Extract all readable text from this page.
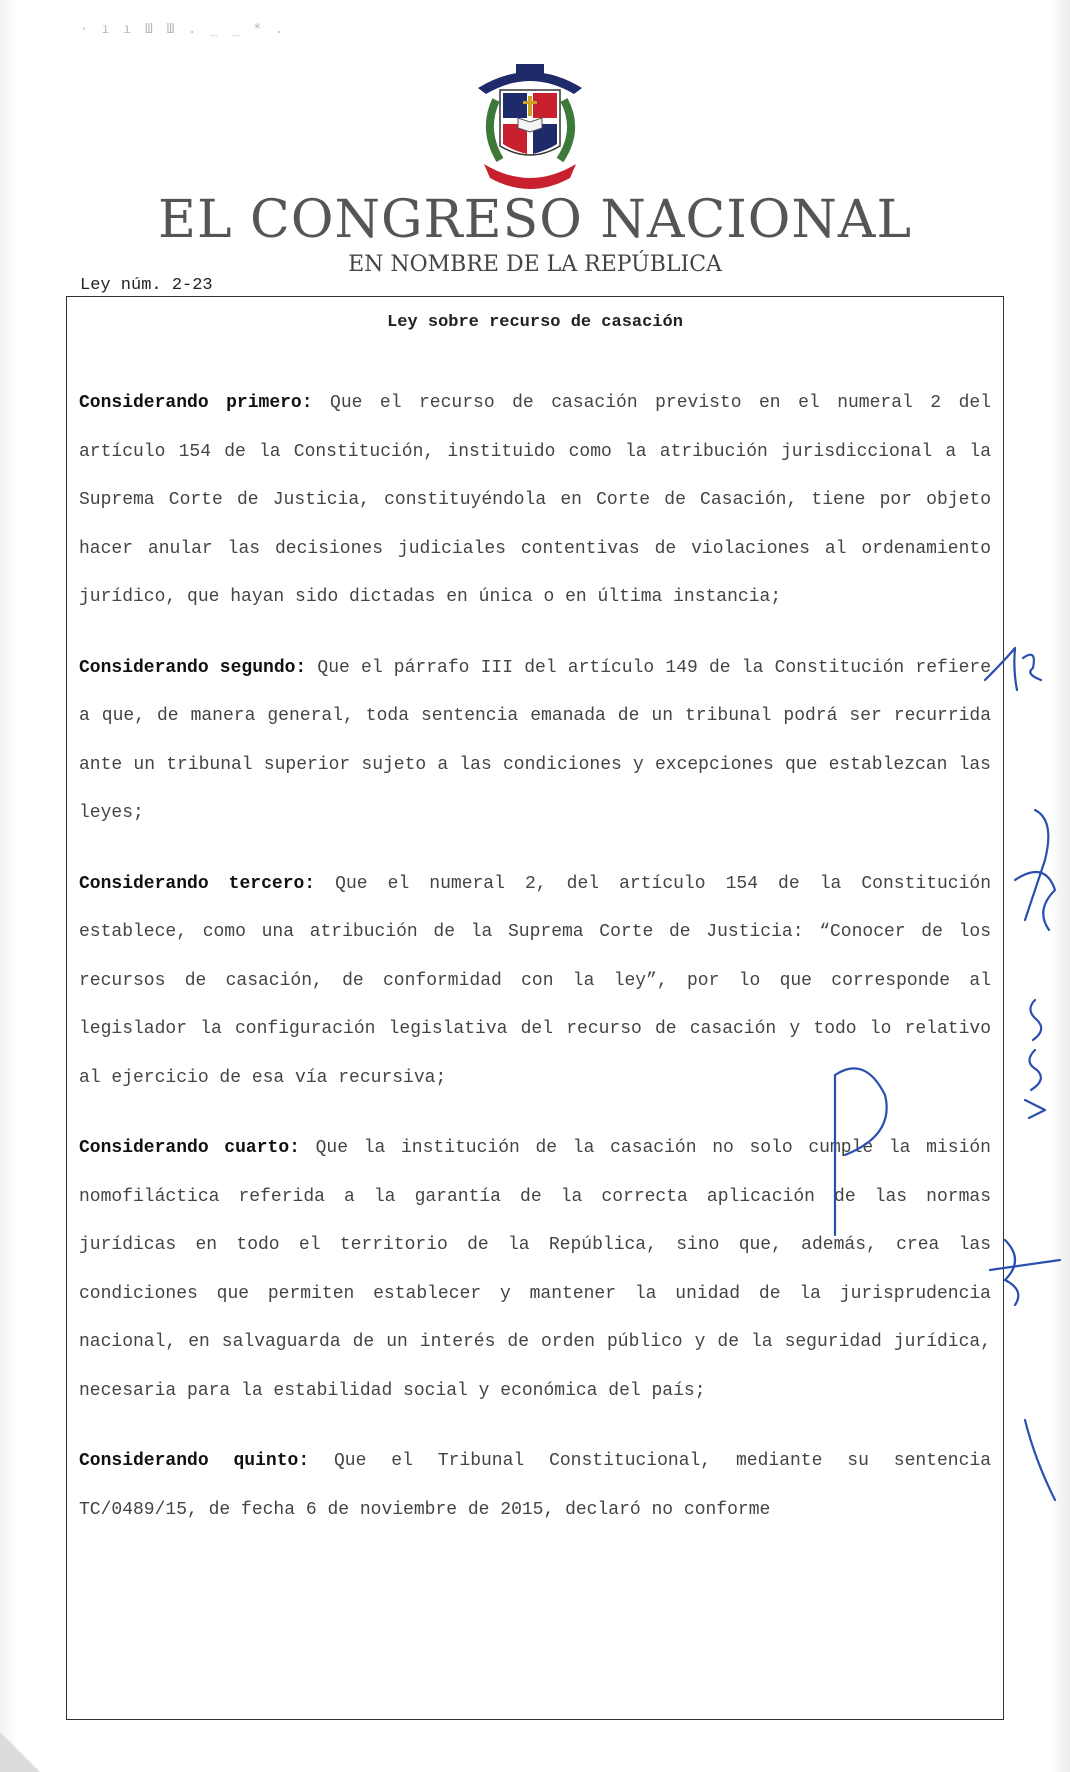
· ı ı Ш Ш . _ _ * .
EL CONGRESO NACIONAL
EN NOMBRE DE LA REPÚBLICA
Ley núm. 2-23
Ley sobre recurso de casación

Considerando primero: Que el recurso de casación previsto en el numeral 2 del artículo 154 de la Constitución, instituido como la atribución jurisdiccional a la Suprema Corte de Justicia, constituyéndola en Corte de Casación, tiene por objeto hacer anular las decisiones judiciales contentivas de violaciones al ordenamiento jurídico, que hayan sido dictadas en única o en última instancia;

Considerando segundo: Que el párrafo III del artículo 149 de la Constitución refiere a que, de manera general, toda sentencia emanada de un tribunal podrá ser recurrida ante un tribunal superior sujeto a las condiciones y excepciones que establezcan las leyes;

Considerando tercero: Que el numeral 2, del artículo 154 de la Constitución establece, como una atribución de la Suprema Corte de Justicia: “Conocer de los recursos de casación, de conformidad con la ley”, por lo que corresponde al legislador la configuración legislativa del recurso de casación y todo lo relativo al ejercicio de esa vía recursiva;

Considerando cuarto: Que la institución de la casación no solo cumple la misión nomofiláctica referida a la garantía de la correcta aplicación de las normas jurídicas en todo el territorio de la República, sino que, además, crea las condiciones que permiten establecer y mantener la unidad de la jurisprudencia nacional, en salvaguarda de un interés de orden público y de la seguridad jurídica, necesaria para la estabilidad social y económica del país;

Considerando quinto: Que el Tribunal Constitucional, mediante su sentencia TC/0489/15, de fecha 6 de noviembre de 2015, declaró no conforme
